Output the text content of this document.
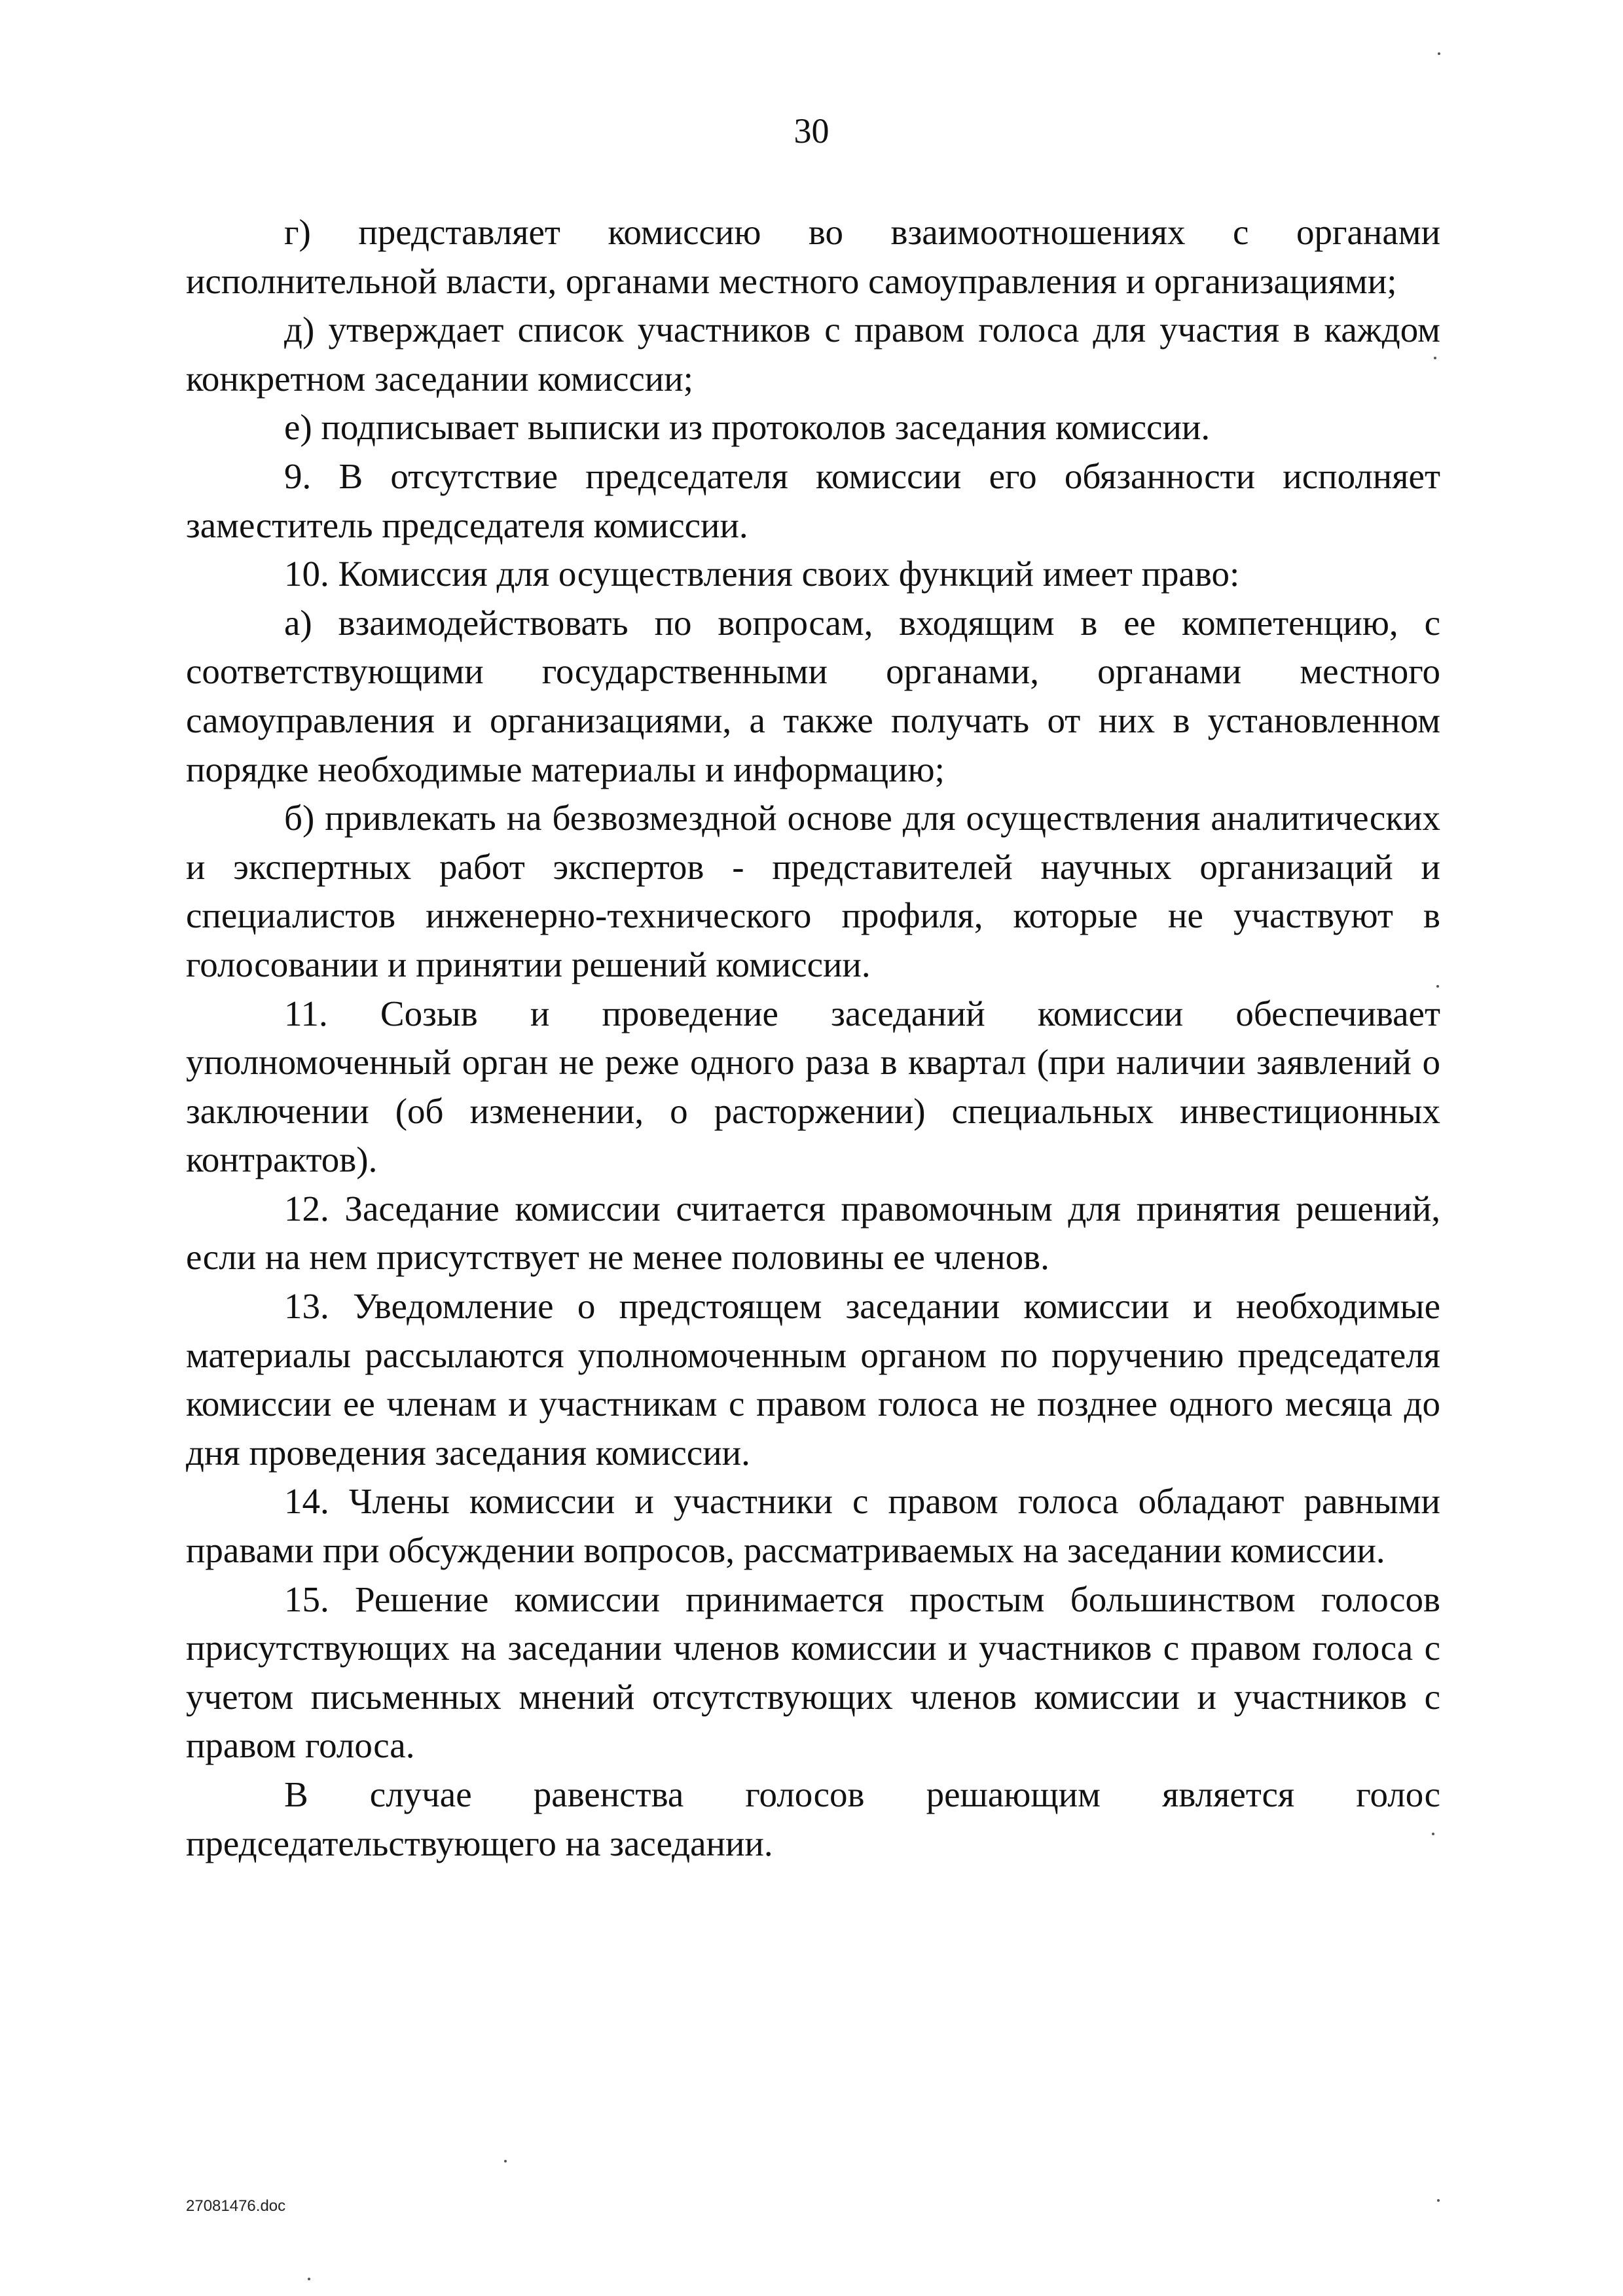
30

г) представляет комиссию во взаимоотношениях с органами исполнительной власти, органами местного самоуправления и организациями;

д) утверждает список участников с правом голоса для участия в каждом конкретном заседании комиссии;

е) подписывает выписки из протоколов заседания комиссии.

9. В отсутствие председателя комиссии его обязанности исполняет заместитель председателя комиссии.

10. Комиссия для осуществления своих функций имеет право:

а) взаимодействовать по вопросам, входящим в ее компетенцию, с соответствующими государственными органами, органами местного самоуправления и организациями, а также получать от них в установленном порядке необходимые материалы и информацию;

б) привлекать на безвозмездной основе для осуществления аналитических и экспертных работ экспертов - представителей научных организаций и специалистов инженерно-технического профиля, которые не участвуют в голосовании и принятии решений комиссии.

11. Созыв и проведение заседаний комиссии обеспечивает уполномоченный орган не реже одного раза в квартал (при наличии заявлений о заключении (об изменении, о расторжении) специальных инвестиционных контрактов).

12. Заседание комиссии считается правомочным для принятия решений, если на нем присутствует не менее половины ее членов.

13. Уведомление о предстоящем заседании комиссии и необходимые материалы рассылаются уполномоченным органом по поручению председателя комиссии ее членам и участникам с правом голоса не позднее одного месяца до дня проведения заседания комиссии.

14. Члены комиссии и участники с правом голоса обладают равными правами при обсуждении вопросов, рассматриваемых на заседании комиссии.

15. Решение комиссии принимается простым большинством голосов присутствующих на заседании членов комиссии и участников с правом голоса с учетом письменных мнений отсутствующих членов комиссии и участников с правом голоса.

В случае равенства голосов решающим является голос председательствующего на заседании.

27081476.doc
